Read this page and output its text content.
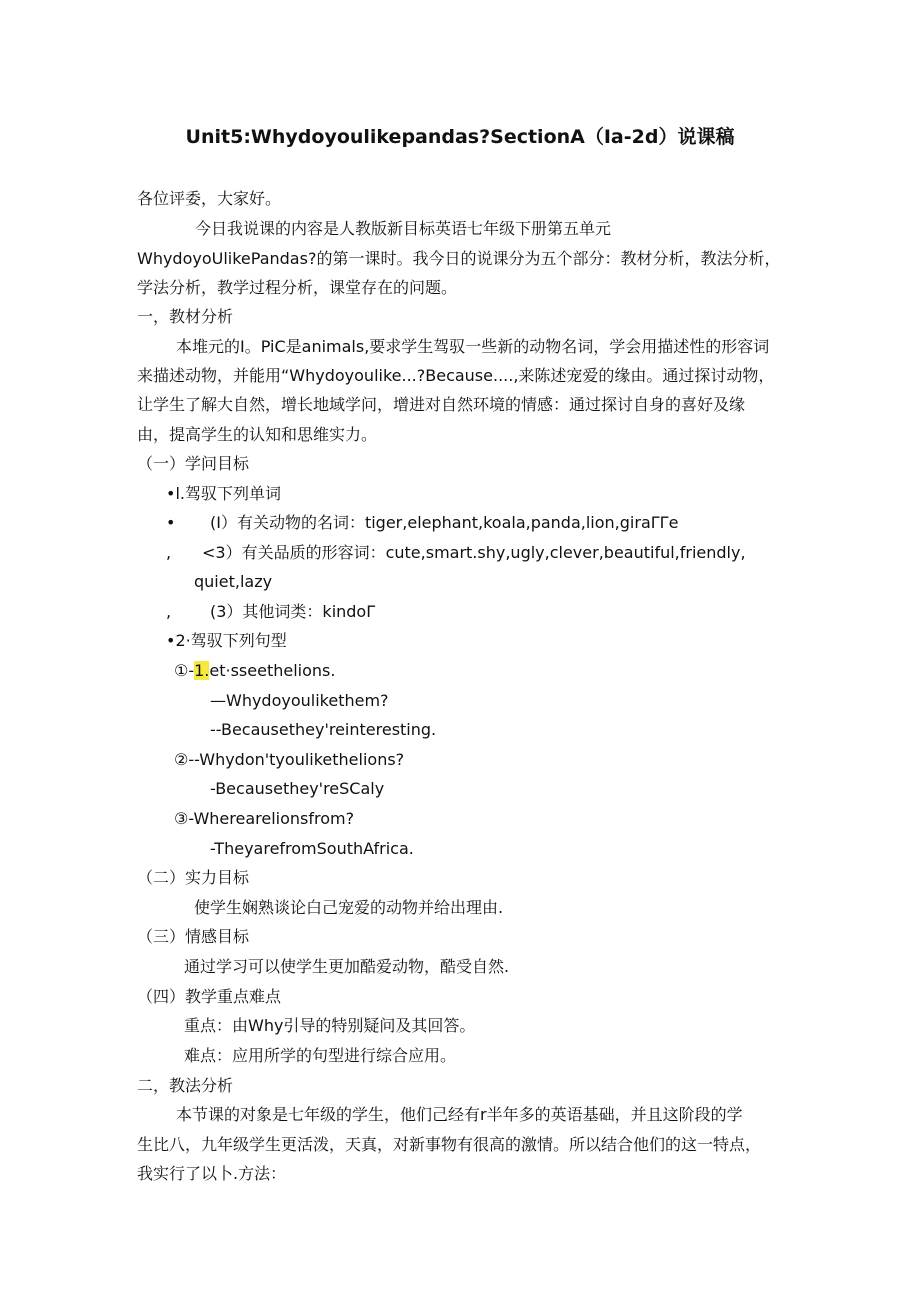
Unit5:Whydoyoulikepandas?SectionA（Ia-2d）说课稿
各位评委，大家好。
今日我说课的内容是人教版新目标英语七年级下册第五单元
WhydoyoUlikePandas?的第一课时。我今日的说课分为五个部分：教材分析，教法分析，
学法分析，教学过程分析，课堂存在的问题。
一，教材分析
本堆元的I。PiC是animals,要求学生驾驭一些新的动物名词，学会用描述性的形容词
来描述动物，并能用“Whydoyoulike...?Because....,来陈述宠爱的缘由。通过探讨动物，
让学生了解大自然，增长地域学问，增进对自然环境的情感：通过探讨自身的喜好及缘
由，提高学生的认知和思维实力。
（一）学问目标
•l.驾驭下列单词
• (I）有关动物的名词：tiger,elephant,koala,panda,lion,giraΓΓe
, <3）有关品质的形容词：cute,smart.shy,ugly,clever,beautiful,friendly,
quiet,lazy
, (3）其他词类：kindoΓ
•2·驾驭下列句型
①-1.et·sseethelions.
—Whydoyoulikethem?
--Becausethey'reinteresting.
②--Whydon'tyoulikethelions?
-Becausethey'reSCaly
③-Wherearelionsfrom?
-TheyarefromSouthAfrica.
（二）实力目标
使学生娴熟谈论白己宠爱的动物并给出理由.
（三）情感目标
通过学习可以使学生更加酷爱动物，酷受自然.
（四）教学重点难点
重点：由Why引导的特别疑问及其回答。
难点：应用所学的句型进行综合应用。
二，教法分析
本节课的对象是七年级的学生，他们己经有r半年多的英语基础，并且这阶段的学
生比八，九年级学生更活泼，天真，对新事物有很高的激情。所以结合他们的这一特点，
我实行了以卜.方法：
